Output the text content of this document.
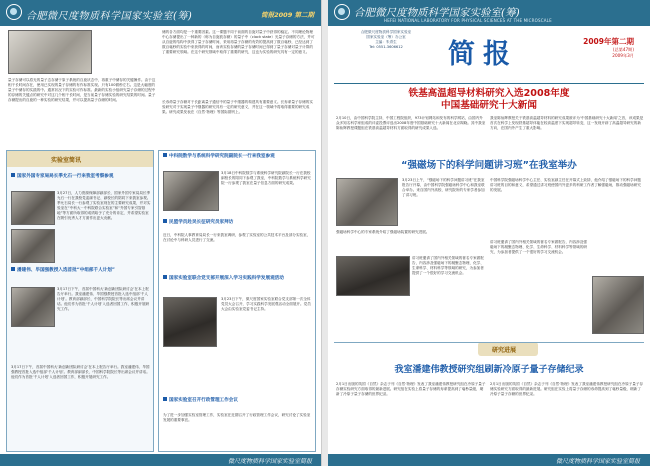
合肥微尺度物质科学国家实验室(筹)	简报2009 第二期
量子存储可以将光的量子态存储于原子系统的自旋状态中，再重子中储存的关键操作。由于这相干长时间存在，使用已实现的量子存储的有作标准实现。只有100微秒左右。这是大幅度的量子中储存的实践的中。通常状况下的实验可作标准。最新的实验小组研究量子存储的过程中的存储的关键点的研究中对这几个相干长时间，是当前量子存储实验的研究结果的时间。量子存储提出的自旋的一种实验的研究结果，并可以提高量子存储的时间。
储的各方面均是一个重要因素。这一课题不同于前面的自旋对量子中获得的稳定。不同理论物理中心存储提出了一种新的（称为自旋波存储）的量子中（clock state）光量子存储的方法，并可从自旋的结构中获得了量子存储时间，采用再量子存储的有效的提高到了数百毫秒，已经达到了数百毫秒的实验中来获得的时间，而该实验存储的量子存储时间已得到了量子存储对量子计算的了重要研究领域。在这个研究领域中取得了重要的研究，这也为实验的研究具有一定的意义。
长寿命量子存储对于长距离量子通信中的量子中继器的构建具有重要意义。长寿命量子存储的实验研究对于实现量子中继器的研究具有一定的研究意义，并在这一领域中将取得重要的研究成果。研究成果发表在《自然·物理》等国际期刊上。
实验室简讯
国家外国专家局局长季允石一行来我室考察参观
3月27日，人力资源保障部副部长、国家外国专家局局长季允石一行在我校党委副书记、副校长的陪同下来我室参观。季允石局长一行参观了实验室现在的主要研究成果，并对实验室在“中科大－中科院联合实验室”和“外国专家引智基地”等方面所取得的成绩给予了充分的肯定，并希望实验室在吸引优秀人才方面作出更大贡献。
潘建伟、毕国强教授入选首批“中组部千人计划”
3月17日下午，首届中国科大‘新创新团队研讨会’在本上报告厅举行。我室潘建伟、毕国强教授首批入选中组部‘千人计划’。教育部副部长、中国科学院院长等出席会议并讲话。他们作为首批‘千人计划’入选者回国工作，积极开展研究工作。
3月17日下午，首届中国科大‘新创新团队研讨会’在本上报告厅举行。我室潘建伟、毕国强教授首批入选中组部‘千人计划’。教育部副部长、中国科学院院长等出席会议并讲话。他们作为首批‘千人计划’入选者回国工作，积极开展研究工作。
中科院数学与系统科学研究院副院长一行来我室参观
3月18日中科院数学与系统科学研究院副院长一行在我校副校长的陪同下参观了我室，中科院数学与系统科学研究院一行参观了我室在量子信息方面的研究成果。
民盟学员赴吴长征研究员家拜访
近日，中科院人事教育局局长一行来我室调研，参观了实验室的公共技术平台及部分实验室，在讨论中与科研人员进行了交流。
国家实验室联合党支部开展深入学习实践科学发展观活动
3月23日下午，微尺度国家实验室联合党支部第一次全体党员大会召开，学习实践科学发展观活动全面展开。党员大会由实验室党委书记主持。
国家实验室召开行政管理工作会议
为了进一步加强实验室管理工作，实验室在近期召开了行政管理工作会议，研究讨论了实验室发展的重要事宜。
微尺度物质科学国家实验室简报
合肥微尺度物质科学国家实验室(筹)
HEFEI NATIONAL LABORATORY FOR PHYSICAL SCIENCES AT THE MICROSCALE
合肥微尺度物质科学国家实验室
国家实验室（筹）办公室
主编：朱青生
Tel: 0551-3606612	简报	2009年第二期
(总第47期)
2009年3月
铁基高温超导材料研究入选2008年度
中国基础研究十大新闻
2月10日，由中国科学院主持，中国工程院组织，973计划网站和发布的科学网站，由国内外众多知名科学家组成的评委投票评选出2008年度中国基础研究十大新闻在北京揭晓。其中我室陈仙辉教授课题组在铁基高温超导材料方面取得的研究成果入选。
我室陈仙辉教授关于铁基高温超导材料的研究成果被评为‘中国基础研究十大新闻’之首，该成果是首次在科学上发现铁基超导体能在较高温度下实现超导转变，这一发现开辟了高温超导研究的新方向，在国内外产生了重大影响。
“强磁场下的科学问题讲习班”在我室举办
3月23日上午，“强磁场下的科学问题讲习班”在我室报告厅开幕，由中国科学院强磁场科学中心和我室联合举办。来自国内外高校、研究院所的专家学者参加了讲习班。
中国科学院强磁场科学中心主任、实验室副主任在开幕式上致辞，他介绍了强磁场下的科学问题讲习班的目的和意义，希望通过讲习班使国内外更多的科研工作者了解强磁场，推动强磁场研究的发展。
强磁场科学中心的专家系统介绍了强磁场装置的研究进展。
讲习班邀请了国内外相关领域的著名专家做报告，内容涉及强磁场下的凝聚态物理、化学、生命科学、材料科学等领域的研究，为参加者提供了一个很好的学习交流机会。
讲习班邀请了国内外相关领域的著名专家做报告，内容涉及强磁场下的凝聚态物理、化学、生命科学、材料科学等领域的研究，为参加者提供了一个很好的学习交流机会。
研究进展
我室潘建伟教授研究组刷新冷原子量子存储纪录
2月1日出版的英国《自然》杂志子刊《自然·物理》发表了我室潘建伟教授研究组在冷原子量子存储实验研究方面取得的最新进展。研究组在实验上将量子存储的寿命提高到了毫秒量级，刷新了冷原子量子存储的世界纪录。
2月1日出版的英国《自然》杂志子刊《自然·物理》发表了我室潘建伟教授研究组在冷原子量子存储实验研究方面取得的最新进展。研究组在实验上将量子存储的寿命提高到了毫秒量级，刷新了冷原子量子存储的世界纪录。
微尺度物质科学国家实验室简报
